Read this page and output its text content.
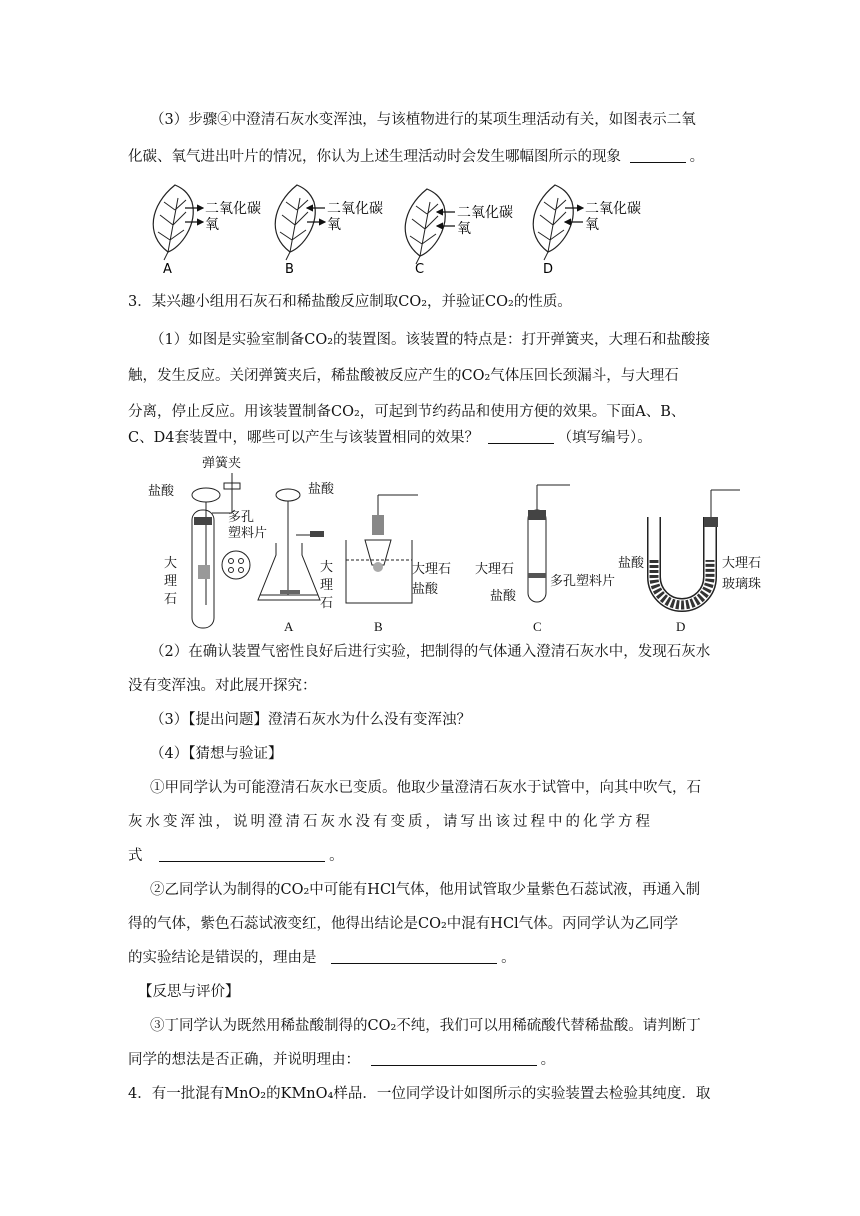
（3）步骤④中澄清石灰水变浑浊，与该植物进行的某项生理活动有关，如图表示二氧
化碳、氧气进出叶片的情况，你认为上述生理活动时会发生哪幅图所示的现象	。
二氧化碳
氧
A
二氧化碳
氧
B
二氧化碳
氧
C
二氧化碳
氧
D
3．某兴趣小组用石灰石和稀盐酸反应制取CO₂，并验证CO₂的性质。
（1）如图是实验室制备CO₂的装置图。该装置的特点是：打开弹簧夹，大理石和盐酸接
触，发生反应。关闭弹簧夹后，稀盐酸被反应产生的CO₂气体压回长颈漏斗，与大理石
分离，停止反应。用该装置制备CO₂，可起到节约药品和使用方便的效果。下面A、B、
C、D4套装置中，哪些可以产生与该装置相同的效果？	（填写编号）。
弹簧夹
盐酸
多孔
塑料片
大
理
石
盐酸
大
理
石
A
大理石
盐酸
B
大理石
多孔塑料片
盐酸
C
盐酸	大理石
玻璃珠
D
（2）在确认装置气密性良好后进行实验，把制得的气体通入澄清石灰水中，发现石灰水
没有变浑浊。对此展开探究：
（3）【提出问题】澄清石灰水为什么没有变浑浊？
（4）【猜想与验证】
①甲同学认为可能澄清石灰水已变质。他取少量澄清石灰水于试管中，向其中吹气，石
灰水变浑浊，说明澄清石灰水没有变质，请写出该过程中的化学方程
式	。
②乙同学认为制得的CO₂中可能有HCl气体，他用试管取少量紫色石蕊试液，再通入制
得的气体，紫色石蕊试液变红，他得出结论是CO₂中混有HCl气体。丙同学认为乙同学
的实验结论是错误的，理由是	。
【反思与评价】
③丁同学认为既然用稀盐酸制得的CO₂不纯，我们可以用稀硫酸代替稀盐酸。请判断丁
同学的想法是否正确，并说明理由：	。
4．有一批混有MnO₂的KMnO₄样品．一位同学设计如图所示的实验装置去检验其纯度．取
